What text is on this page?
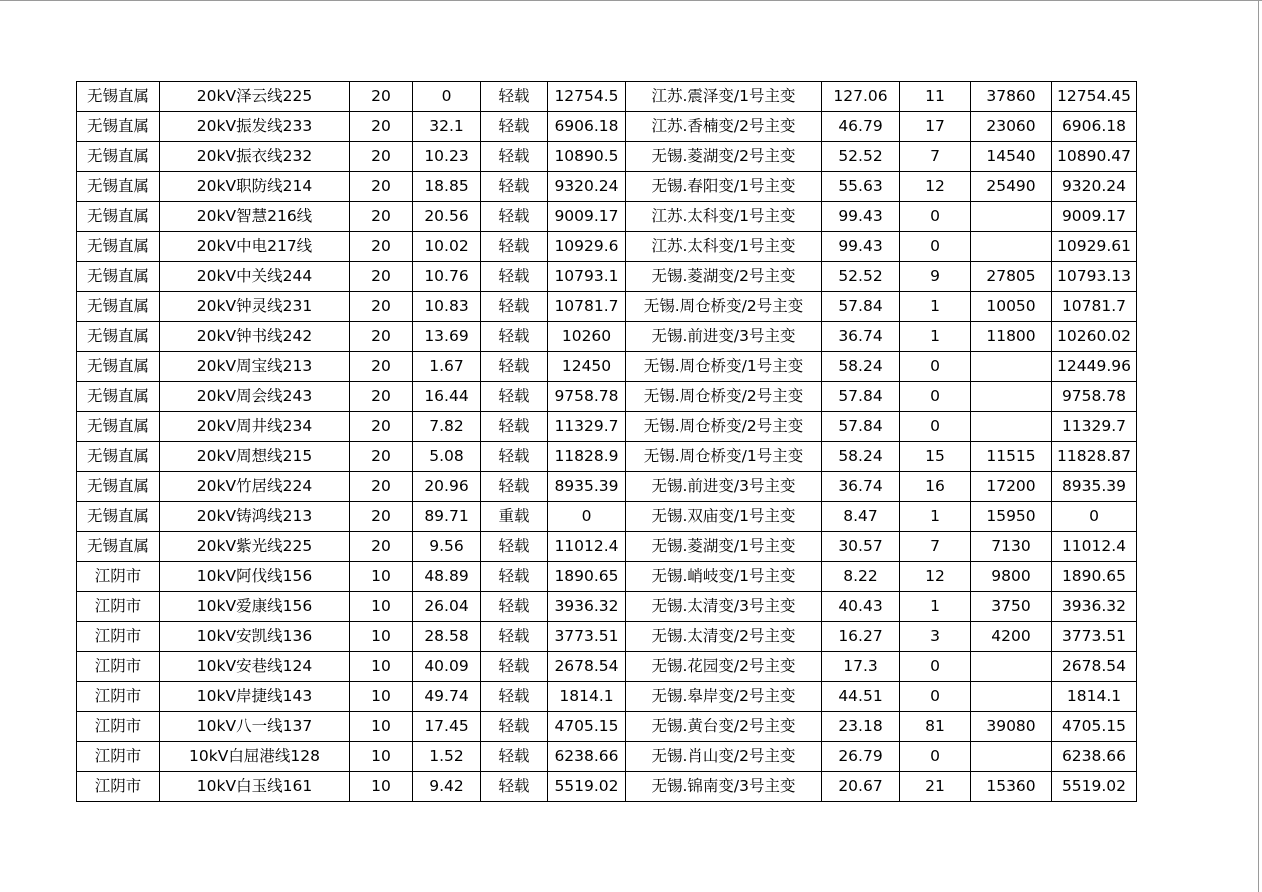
无锡直属	20kV泽云线225	20	0	轻载	12754.5	江苏.震泽变/1号主变	127.06	11	37860	12754.45
无锡直属	20kV振发线233	20	32.1	轻载	6906.18	江苏.香楠变/2号主变	46.79	17	23060	6906.18
无锡直属	20kV振衣线232	20	10.23	轻载	10890.5	无锡.菱湖变/2号主变	52.52	7	14540	10890.47
无锡直属	20kV职防线214	20	18.85	轻载	9320.24	无锡.春阳变/1号主变	55.63	12	25490	9320.24
无锡直属	20kV智慧216线	20	20.56	轻载	9009.17	江苏.太科变/1号主变	99.43	0		9009.17
无锡直属	20kV中电217线	20	10.02	轻载	10929.6	江苏.太科变/1号主变	99.43	0		10929.61
无锡直属	20kV中关线244	20	10.76	轻载	10793.1	无锡.菱湖变/2号主变	52.52	9	27805	10793.13
无锡直属	20kV钟灵线231	20	10.83	轻载	10781.7	无锡.周仓桥变/2号主变	57.84	1	10050	10781.7
无锡直属	20kV钟书线242	20	13.69	轻载	10260	无锡.前进变/3号主变	36.74	1	11800	10260.02
无锡直属	20kV周宝线213	20	1.67	轻载	12450	无锡.周仓桥变/1号主变	58.24	0		12449.96
无锡直属	20kV周会线243	20	16.44	轻载	9758.78	无锡.周仓桥变/2号主变	57.84	0		9758.78
无锡直属	20kV周井线234	20	7.82	轻载	11329.7	无锡.周仓桥变/2号主变	57.84	0		11329.7
无锡直属	20kV周想线215	20	5.08	轻载	11828.9	无锡.周仓桥变/1号主变	58.24	15	11515	11828.87
无锡直属	20kV竹居线224	20	20.96	轻载	8935.39	无锡.前进变/3号主变	36.74	16	17200	8935.39
无锡直属	20kV铸鸿线213	20	89.71	重载	0	无锡.双庙变/1号主变	8.47	1	15950	0
无锡直属	20kV紫光线225	20	9.56	轻载	11012.4	无锡.菱湖变/1号主变	30.57	7	7130	11012.4
江阴市	10kV阿伐线156	10	48.89	轻载	1890.65	无锡.峭岐变/1号主变	8.22	12	9800	1890.65
江阴市	10kV爱康线156	10	26.04	轻载	3936.32	无锡.太清变/3号主变	40.43	1	3750	3936.32
江阴市	10kV安凯线136	10	28.58	轻载	3773.51	无锡.太清变/2号主变	16.27	3	4200	3773.51
江阴市	10kV安巷线124	10	40.09	轻载	2678.54	无锡.花园变/2号主变	17.3	0		2678.54
江阴市	10kV岸捷线143	10	49.74	轻载	1814.1	无锡.皋岸变/2号主变	44.51	0		1814.1
江阴市	10kV八一线137	10	17.45	轻载	4705.15	无锡.黄台变/2号主变	23.18	81	39080	4705.15
江阴市	10kV白屈港线128	10	1.52	轻载	6238.66	无锡.肖山变/2号主变	26.79	0		6238.66
江阴市	10kV白玉线161	10	9.42	轻载	5519.02	无锡.锦南变/3号主变	20.67	21	15360	5519.02
